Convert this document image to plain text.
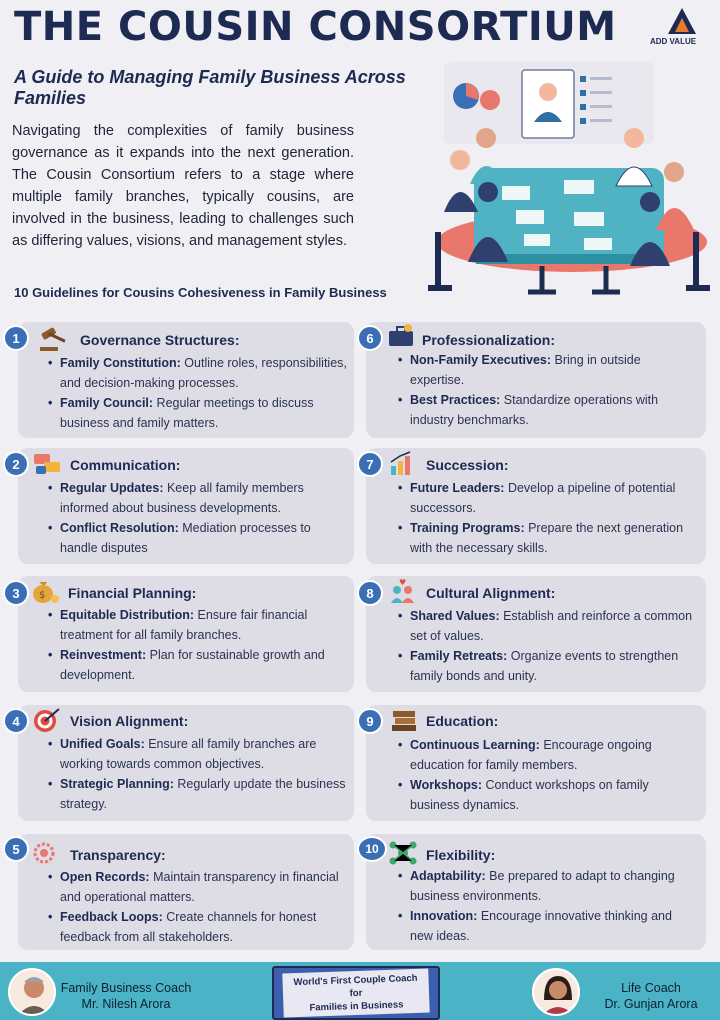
THE COUSIN CONSORTIUM	ADD VALUE
A Guide to Managing Family Business Across Families
Navigating the complexities of family business governance as it expands into the next generation. The Cousin Consortium refers to a stage where multiple family branches, typically cousins, are involved in the business, leading to challenges such as differing values, visions, and management styles.
10 Guidelines for Cousins Cohesiveness in Family Business
Governance Structures:
• Family Constitution: Outline roles, responsibilities, and decision-making processes.
• Family Council: Regular meetings to discuss business and family matters.
1
Communication:
• Regular Updates: Keep all family members informed about business developments.
• Conflict Resolution: Mediation processes to handle disputes
2
$ Financial Planning:
• Equitable Distribution: Ensure fair financial treatment for all family branches.
• Reinvestment: Plan for sustainable growth and development.
3
Vision Alignment:
• Unified Goals: Ensure all family branches are working towards common objectives.
• Strategic Planning: Regularly update the business strategy.
4
Transparency:
• Open Records: Maintain transparency in financial and operational matters.
• Feedback Loops: Create channels for honest feedback from all stakeholders.
5
Professionalization:
• Non-Family Executives: Bring in outside expertise.
• Best Practices: Standardize operations with industry benchmarks.
6
Succession:
• Future Leaders: Develop a pipeline of potential successors.
• Training Programs: Prepare the next generation with the necessary skills.
7
♥
Cultural Alignment:
• Shared Values: Establish and reinforce a common set of values.
• Family Retreats: Organize events to strengthen family bonds and unity.
8
Education:
• Continuous Learning: Encourage ongoing education for family members.
• Workshops: Conduct workshops on family business dynamics.
9
Flexibility:
• Adaptability: Be prepared to adapt to changing business environments.
• Innovation: Encourage innovative thinking and new ideas.
10
Family Business Coach
Mr. Nilesh Arora
World's First Couple Coach
for
Families in Business
Life Coach
Dr. Gunjan Arora
